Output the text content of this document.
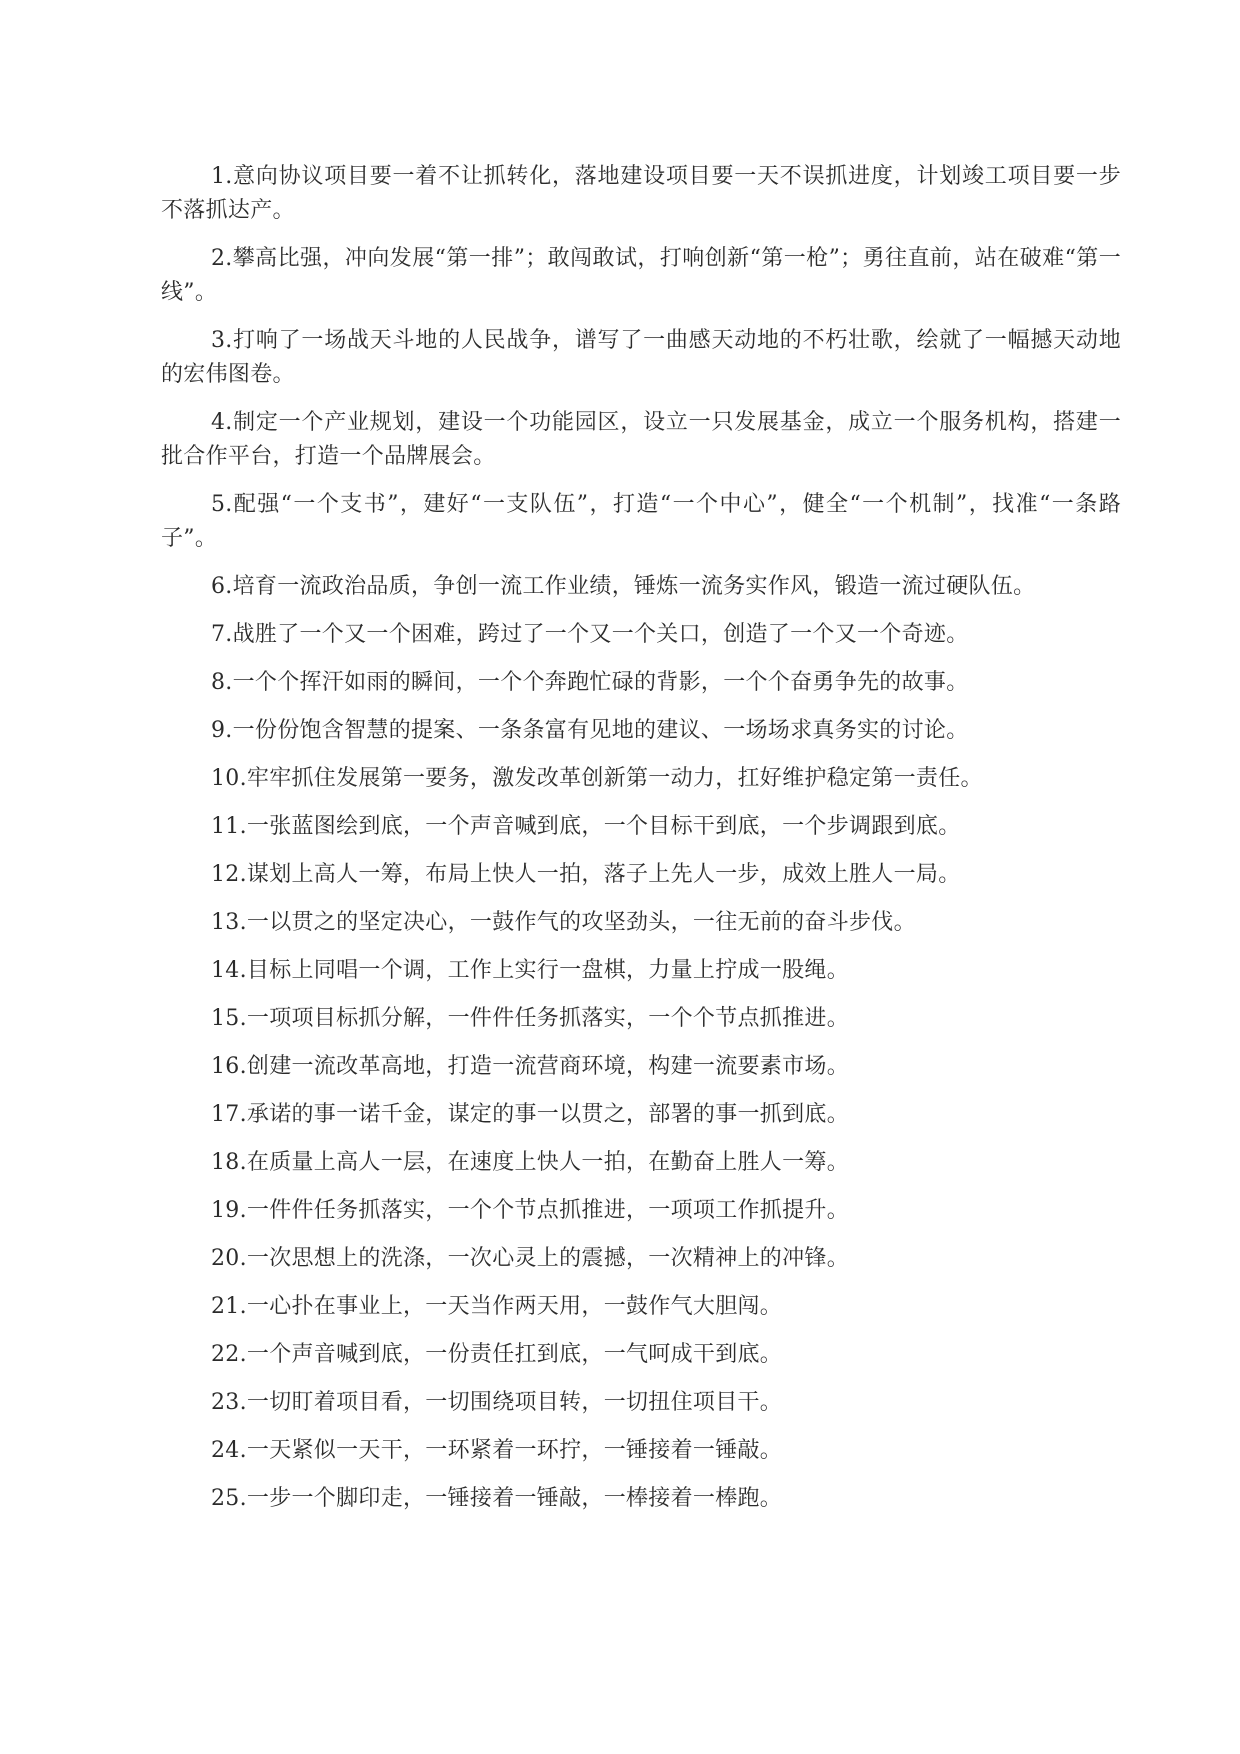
1.意向协议项目要一着不让抓转化，落地建设项目要一天不误抓进度，计划竣工项目要一步不落抓达产。

2.攀高比强，冲向发展“第一排”；敢闯敢试，打响创新“第一枪”；勇往直前，站在破难“第一线”。

3.打响了一场战天斗地的人民战争，谱写了一曲感天动地的不朽壮歌，绘就了一幅撼天动地的宏伟图卷。

4.制定一个产业规划，建设一个功能园区，设立一只发展基金，成立一个服务机构，搭建一批合作平台，打造一个品牌展会。

5.配强“一个支书”，建好“一支队伍”，打造“一个中心”，健全“一个机制”，找准“一条路子”。

6.培育一流政治品质，争创一流工作业绩，锤炼一流务实作风，锻造一流过硬队伍。

7.战胜了一个又一个困难，跨过了一个又一个关口，创造了一个又一个奇迹。

8.一个个挥汗如雨的瞬间，一个个奔跑忙碌的背影，一个个奋勇争先的故事。

9.一份份饱含智慧的提案、一条条富有见地的建议、一场场求真务实的讨论。

10.牢牢抓住发展第一要务，激发改革创新第一动力，扛好维护稳定第一责任。

11.一张蓝图绘到底，一个声音喊到底，一个目标干到底，一个步调跟到底。

12.谋划上高人一筹，布局上快人一拍，落子上先人一步，成效上胜人一局。

13.一以贯之的坚定决心，一鼓作气的攻坚劲头，一往无前的奋斗步伐。

14.目标上同唱一个调，工作上实行一盘棋，力量上拧成一股绳。

15.一项项目标抓分解，一件件任务抓落实，一个个节点抓推进。

16.创建一流改革高地，打造一流营商环境，构建一流要素市场。

17.承诺的事一诺千金，谋定的事一以贯之，部署的事一抓到底。

18.在质量上高人一层，在速度上快人一拍，在勤奋上胜人一筹。

19.一件件任务抓落实，一个个节点抓推进，一项项工作抓提升。

20.一次思想上的洗涤，一次心灵上的震撼，一次精神上的冲锋。

21.一心扑在事业上，一天当作两天用，一鼓作气大胆闯。

22.一个声音喊到底，一份责任扛到底，一气呵成干到底。

23.一切盯着项目看，一切围绕项目转，一切扭住项目干。

24.一天紧似一天干，一环紧着一环拧，一锤接着一锤敲。

25.一步一个脚印走，一锤接着一锤敲，一棒接着一棒跑。
